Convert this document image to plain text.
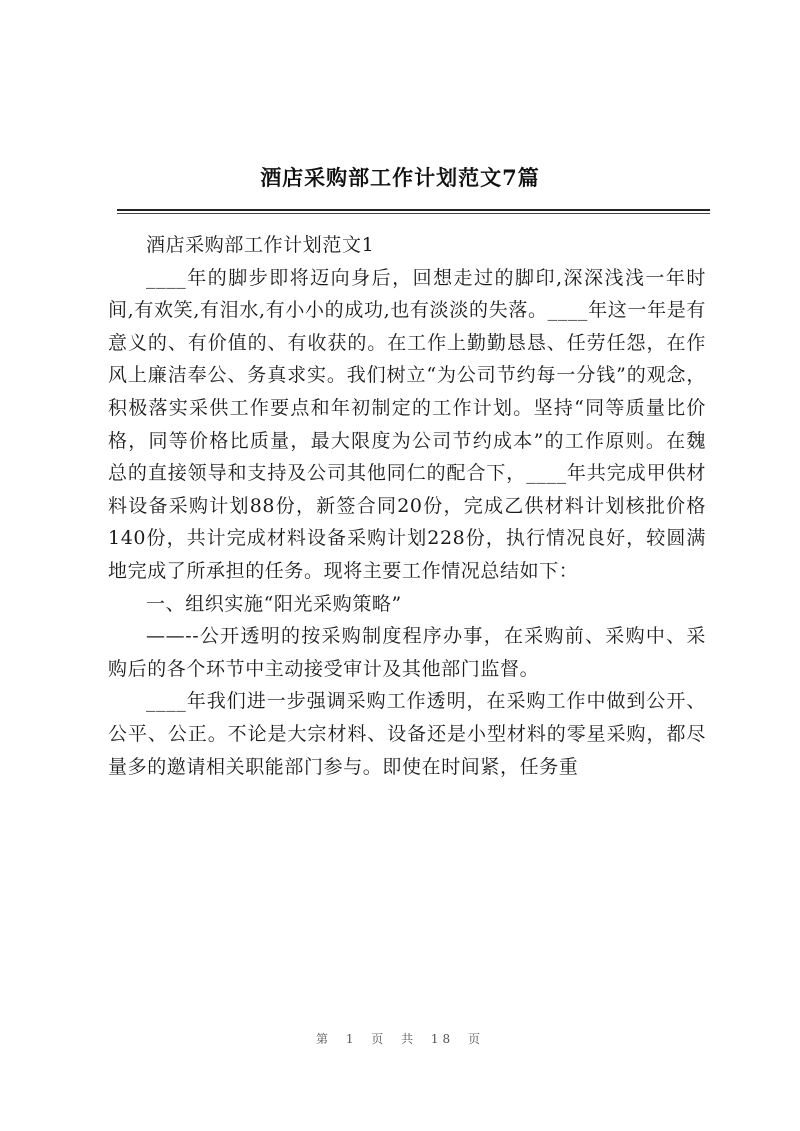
酒店采购部工作计划范文7篇

酒店采购部工作计划范文1

____年的脚步即将迈向身后，回想走过的脚印,深深浅浅一年时间,有欢笑,有泪水,有小小的成功,也有淡淡的失落。____年这一年是有意义的、有价值的、有收获的。在工作上勤勤恳恳、任劳任怨，在作风上廉洁奉公、务真求实。我们树立“为公司节约每一分钱”的观念，积极落实采供工作要点和年初制定的工作计划。坚持“同等质量比价格，同等价格比质量，最大限度为公司节约成本”的工作原则。在魏总的直接领导和支持及公司其他同仁的配合下，____年共完成甲供材料设备采购计划88份，新签合同20份，完成乙供材料计划核批价格140份，共计完成材料设备采购计划228份，执行情况良好，较圆满地完成了所承担的任务。现将主要工作情况总结如下：

一、组织实施“阳光采购策略”

——--公开透明的按采购制度程序办事，在采购前、采购中、采购后的各个环节中主动接受审计及其他部门监督。

____年我们进一步强调采购工作透明，在采购工作中做到公开、公平、公正。不论是大宗材料、设备还是小型材料的零星采购，都尽量多的邀请相关职能部门参与。即使在时间紧，任务重

第 1 页 共 18 页
